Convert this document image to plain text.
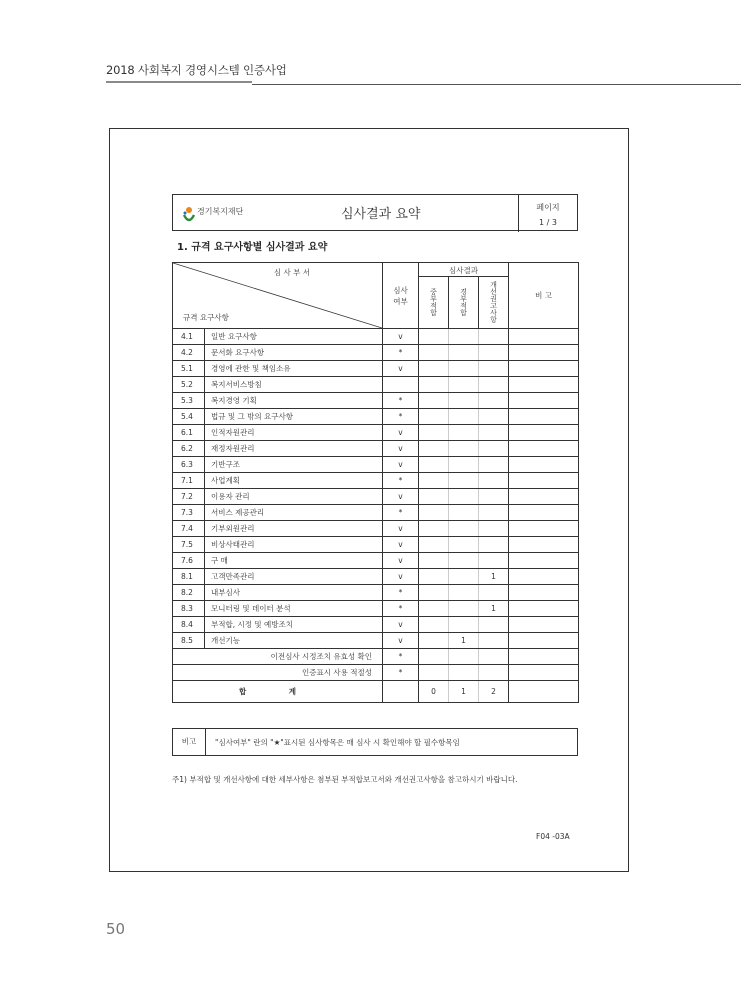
2018 사회복지 경영시스템 인증사업
경기복지재단	심사결과 요약	페이지
1 / 3
1. 규격 요구사항별 심사결과 요약
심 사 부 서
규격 요구사항		심사
여부	심사결과			비 고
			중부적합	경부적합	개선권고사항	
4.1	일반 요구사항	v				
4.2	문서화 요구사항	*				
5.1	경영에 관한 및 책임소유	v				
5.2	복지서비스방침					
5.3	복지경영 기획	*				
5.4	법규 및 그 밖의 요구사항	*				
6.1	인적자원관리	v				
6.2	재정자원관리	v				
6.3	기반구조	v				
7.1	사업계획	*				
7.2	이용자 관리	v				
7.3	서비스 제공관리	*				
7.4	기부외원관리	v				
7.5	비상사태관리	v				
7.6	구 매	v				
8.1	고객만족관리	v			1	
8.2	내부심사	*				
8.3	모니터링 및 데이터 분석	*			1	
8.4	부적합, 시정 및 예방조치	v				
8.5	개선기능	v		1		
이전심사 시정조치 유효성 확인		*				
인증표시 사용 적절성		*				
합 계			0	1	2	
비고	"심사여부" 란의 "★"표시된 심사항목은 매 심사 시 확인해야 할 필수항목임
주1) 부적합 및 개선사항에 대한 세부사항은 첨부된 부적합보고서와 개선권고사항을 참고하시기 바랍니다.
F04 -03A
50
